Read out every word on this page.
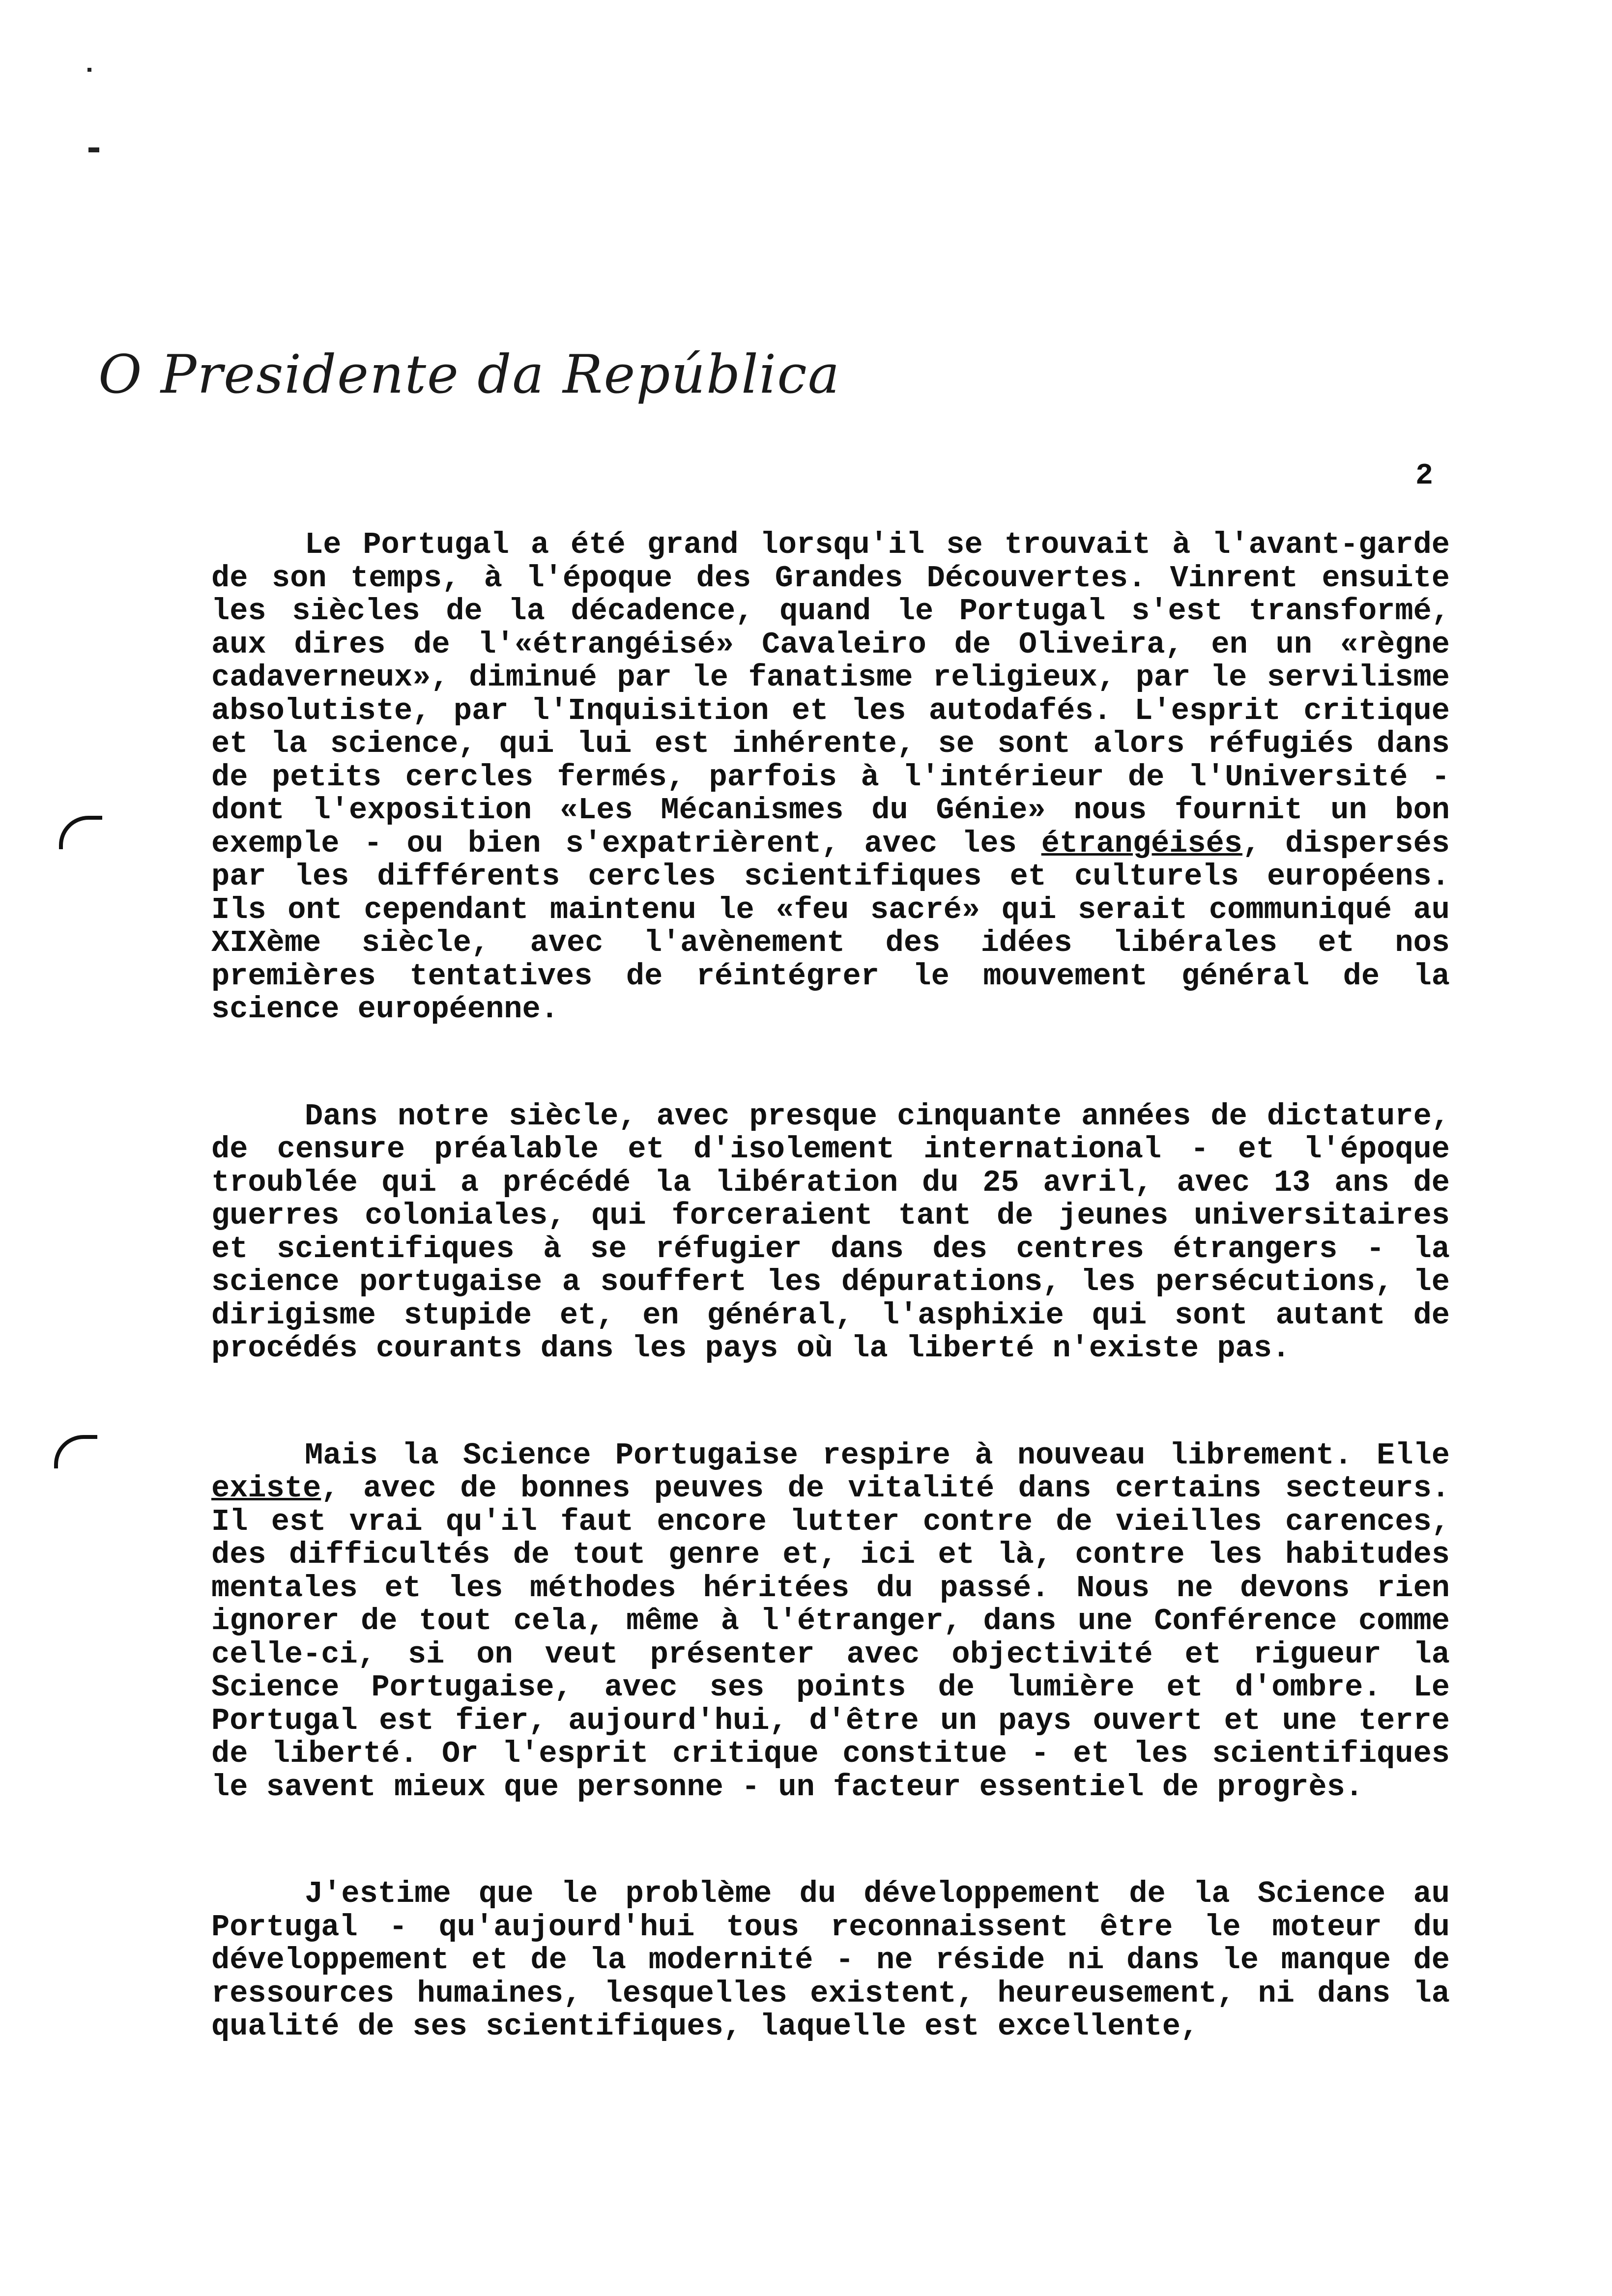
O Presidente da República
2

Le Portugal a été grand lorsqu'il se trouvait à l'avant-garde de son temps, à l'époque des Grandes Découvertes. Vinrent ensuite les siècles de la décadence, quand le Portugal s'est transformé, aux dires de l'«étrangéisé» Cavaleiro de Oliveira, en un «règne cadaverneux», diminué par le fanatisme religieux, par le servilisme absolutiste, par l'Inquisition et les autodafés. L'esprit critique et la science, qui lui est inhérente, se sont alors réfugiés dans de petits cercles fermés, parfois à l'intérieur de l'Université - dont l'exposition «Les Mécanismes du Génie» nous fournit un bon exemple - ou bien s'expatrièrent, avec les étrangéisés, dispersés par les différents cercles scientifiques et culturels européens. Ils ont cependant maintenu le «feu sacré» qui serait communiqué au XIXème siècle, avec l'avènement des idées libérales et nos premières tentatives de réintégrer le mouvement général de la science européenne.

Dans notre siècle, avec presque cinquante années de dictature, de censure préalable et d'isolement international - et l'époque troublée qui a précédé la libération du 25 avril, avec 13 ans de guerres coloniales, qui forceraient tant de jeunes universitaires et scientifiques à se réfugier dans des centres étrangers - la science portugaise a souffert les dépurations, les persécutions, le dirigisme stupide et, en général, l'asphixie qui sont autant de procédés courants dans les pays où la liberté n'existe pas.

Mais la Science Portugaise respire à nouveau librement. Elle existe, avec de bonnes peuves de vitalité dans certains secteurs. Il est vrai qu'il faut encore lutter contre de vieilles carences, des difficultés de tout genre et, ici et là, contre les habitudes mentales et les méthodes héritées du passé. Nous ne devons rien ignorer de tout cela, même à l'étranger, dans une Conférence comme celle-ci, si on veut présenter avec objectivité et rigueur la Science Portugaise, avec ses points de lumière et d'ombre. Le Portugal est fier, aujourd'hui, d'être un pays ouvert et une terre de liberté. Or l'esprit critique constitue - et les scientifiques le savent mieux que personne - un facteur essentiel de progrès.

J'estime que le problème du développement de la Science au Portugal - qu'aujourd'hui tous reconnaissent être le moteur du développement et de la modernité - ne réside ni dans le manque de ressources humaines, lesquelles existent, heureusement, ni dans la qualité de ses scientifiques, laquelle est excellente,
